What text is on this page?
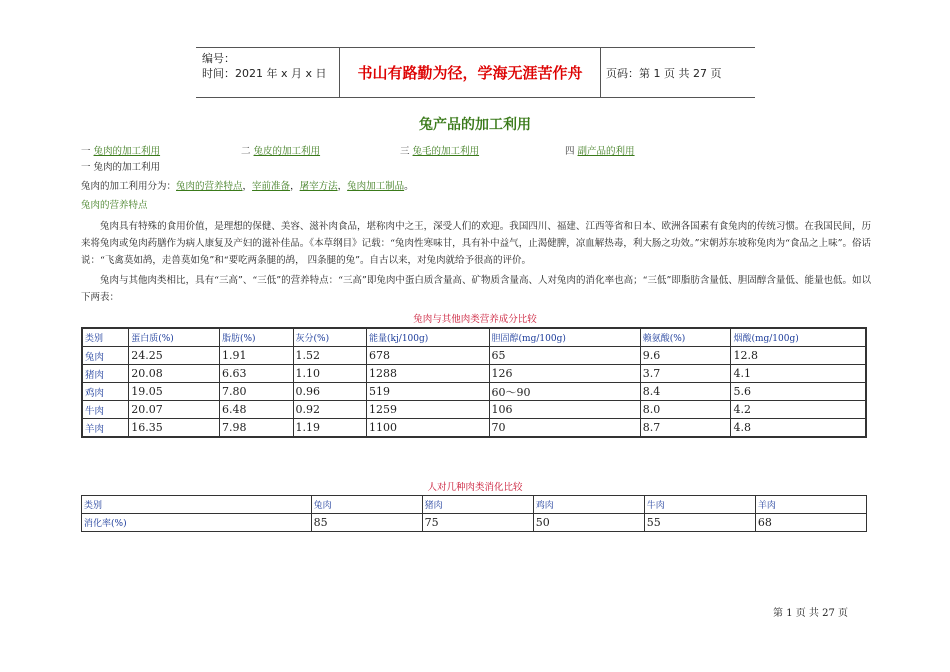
编号：
时间：2021 年 x 月 x 日	书山有路勤为径，学海无涯苦作舟	页码：第 1 页 共 27 页
兔产品的加工利用
一 兔肉的加工利用	二 兔皮的加工利用	三 兔毛的加工利用	四 副产品的利用
一 兔肉的加工利用
兔肉的加工利用分为：兔肉的营养特点，宰前准备，屠宰方法，兔肉加工制品。
兔肉的营养特点
兔肉具有特殊的食用价值，是理想的保健、美容、滋补肉食品，堪称肉中之王，深受人们的欢迎。我国四川、福建、江西等省和日本、欧洲各国素有食兔肉的传统习惯。在我国民间，历来将兔肉或兔肉药膳作为病人康复及产妇的滋补佳品。《本草纲目》记载：“兔肉性寒味甘，具有补中益气，止渴健脾，凉血解热毒，利大肠之功效。”宋朝苏东坡称兔肉为“食品之上味”。俗话说：“飞禽莫如鸪，走兽莫如兔”和“要吃两条腿的鸪， 四条腿的兔”。自古以来，对兔肉就给予很高的评价。
兔肉与其他肉类相比，具有“三高”、“三低”的营养特点：“三高”即兔肉中蛋白质含量高、矿物质含量高、人对兔肉的消化率也高；“三低”即脂肪含量低、胆固醇含量低、能量也低。如以下两表：
兔肉与其他肉类营养成分比较
类别	蛋白质(%)	脂肪(%)	灰分(%)	能量(kj/100g)	胆固醇(mg/100g)	赖氨酸(%)	烟酸(mg/100g)
兔肉	24.25	1.91	1.52	678	65	9.6	12.8
猪肉	20.08	6.63	1.10	1288	126	3.7	4.1
鸡肉	19.05	7.80	0.96	519	60～90	8.4	5.6
牛肉	20.07	6.48	0.92	1259	106	8.0	4.2
羊肉	16.35	7.98	1.19	1100	70	8.7	4.8
人对几种肉类消化比较
类别	兔肉	猪肉	鸡肉	牛肉	羊肉
消化率(%)	85	75	50	55	68
第 1 页 共 27 页
